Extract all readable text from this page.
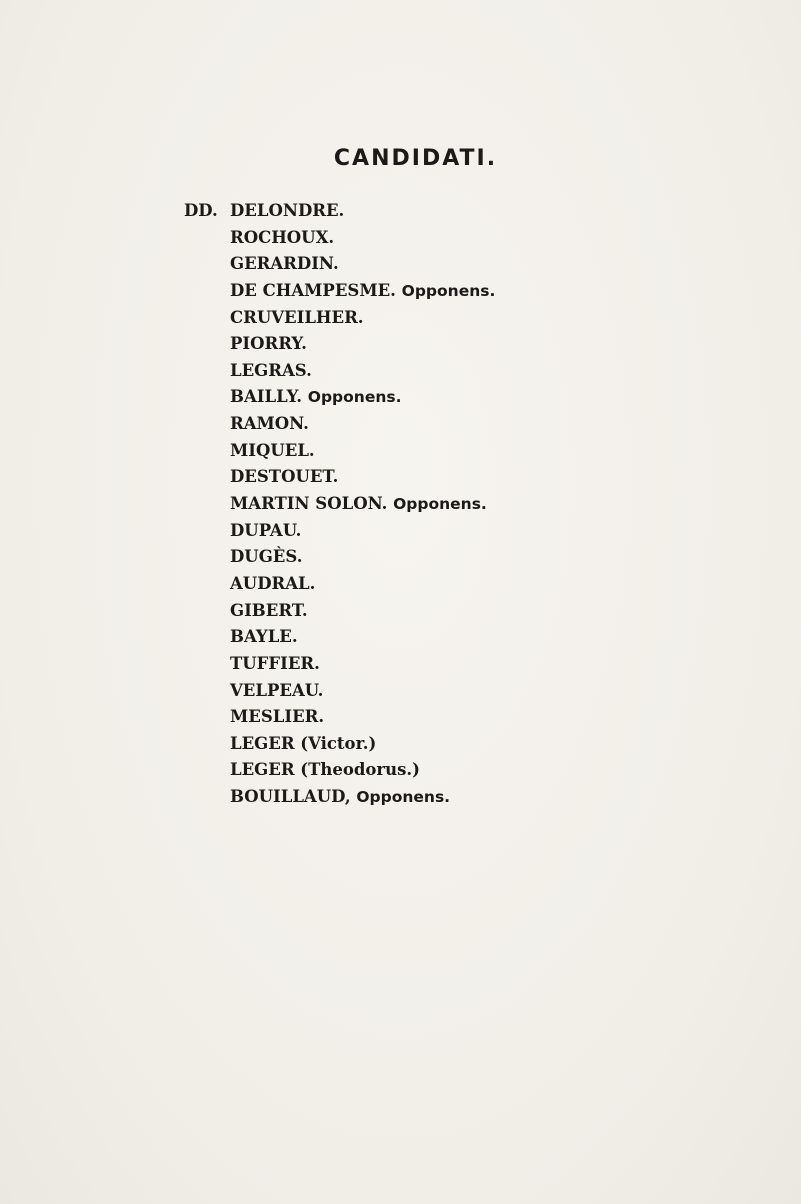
CANDIDATI.
DD. DELONDRE.
ROCHOUX.
GERARDIN.
DE CHAMPESME. Opponens.
CRUVEILHER.
PIORRY.
LEGRAS.
BAILLY. Opponens.
RAMON.
MIQUEL.
DESTOUET.
MARTIN SOLON. Opponens.
DUPAU.
DUGÈS.
AUDRAL.
GIBERT.
BAYLE.
TUFFIER.
VELPEAU.
MESLIER.
LEGER (Victor.)
LEGER (Theodorus.)
BOUILLAUD, Opponens.
